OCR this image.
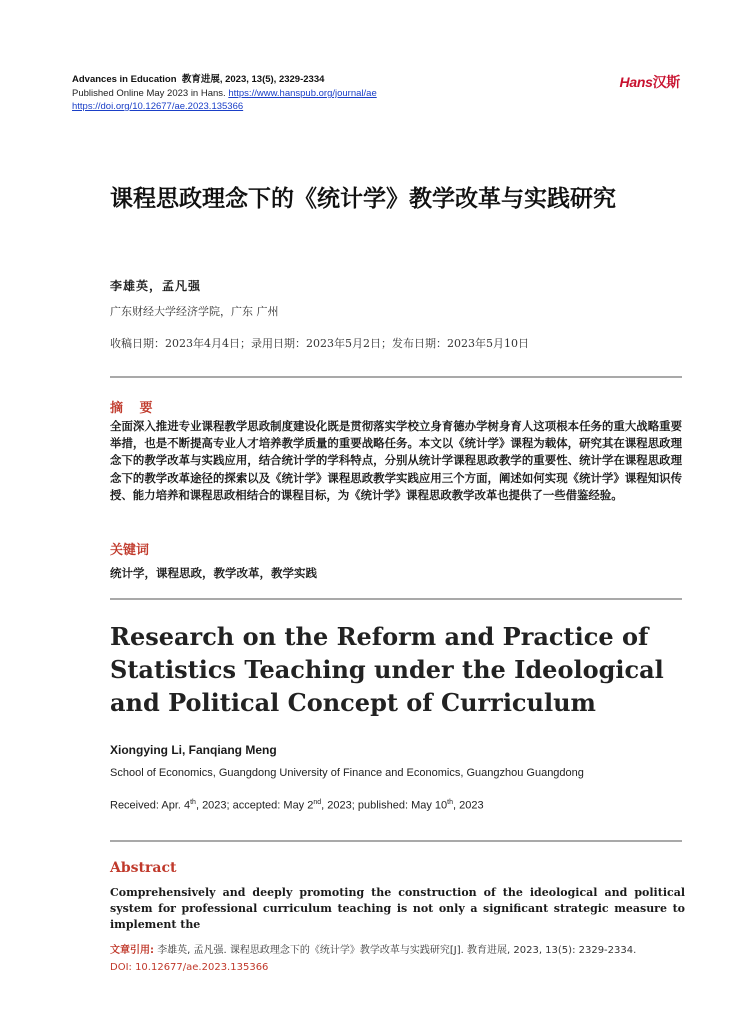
Advances in Education 教育进展, 2023, 13(5), 2329-2334
Published Online May 2023 in Hans. https://www.hanspub.org/journal/ae
https://doi.org/10.12677/ae.2023.135366
Hans汉斯
课程思政理念下的《统计学》教学改革与实践研究
李雄英，孟凡强
广东财经大学经济学院，广东 广州
收稿日期：2023年4月4日；录用日期：2023年5月2日；发布日期：2023年5月10日
摘 要
全面深入推进专业课程教学思政制度建设化既是贯彻落实学校立身育德办学树身育人这项根本任务的重大战略重要举措，也是不断提高专业人才培养教学质量的重要战略任务。本文以《统计学》课程为载体，研究其在课程思政理念下的教学改革与实践应用，结合统计学的学科特点，分别从统计学课程思政教学的重要性、统计学在课程思政理念下的教学改革途径的探索以及《统计学》课程思政教学实践应用三个方面，阐述如何实现《统计学》课程知识传授、能力培养和课程思政相结合的课程目标，为《统计学》课程思政教学改革也提供了一些借鉴经验。
关键词
统计学，课程思政，教学改革，教学实践
Research on the Reform and Practice of Statistics Teaching under the Ideological and Political Concept of Curriculum
Xiongying Li, Fanqiang Meng
School of Economics, Guangdong University of Finance and Economics, Guangzhou Guangdong
Received: Apr. 4th, 2023; accepted: May 2nd, 2023; published: May 10th, 2023
Abstract
Comprehensively and deeply promoting the construction of the ideological and political system for professional curriculum teaching is not only a significant strategic measure to implement the
文章引用: 李雄英, 孟凡强. 课程思政理念下的《统计学》教学改革与实践研究[J]. 教育进展, 2023, 13(5): 2329-2334.
DOI: 10.12677/ae.2023.135366
